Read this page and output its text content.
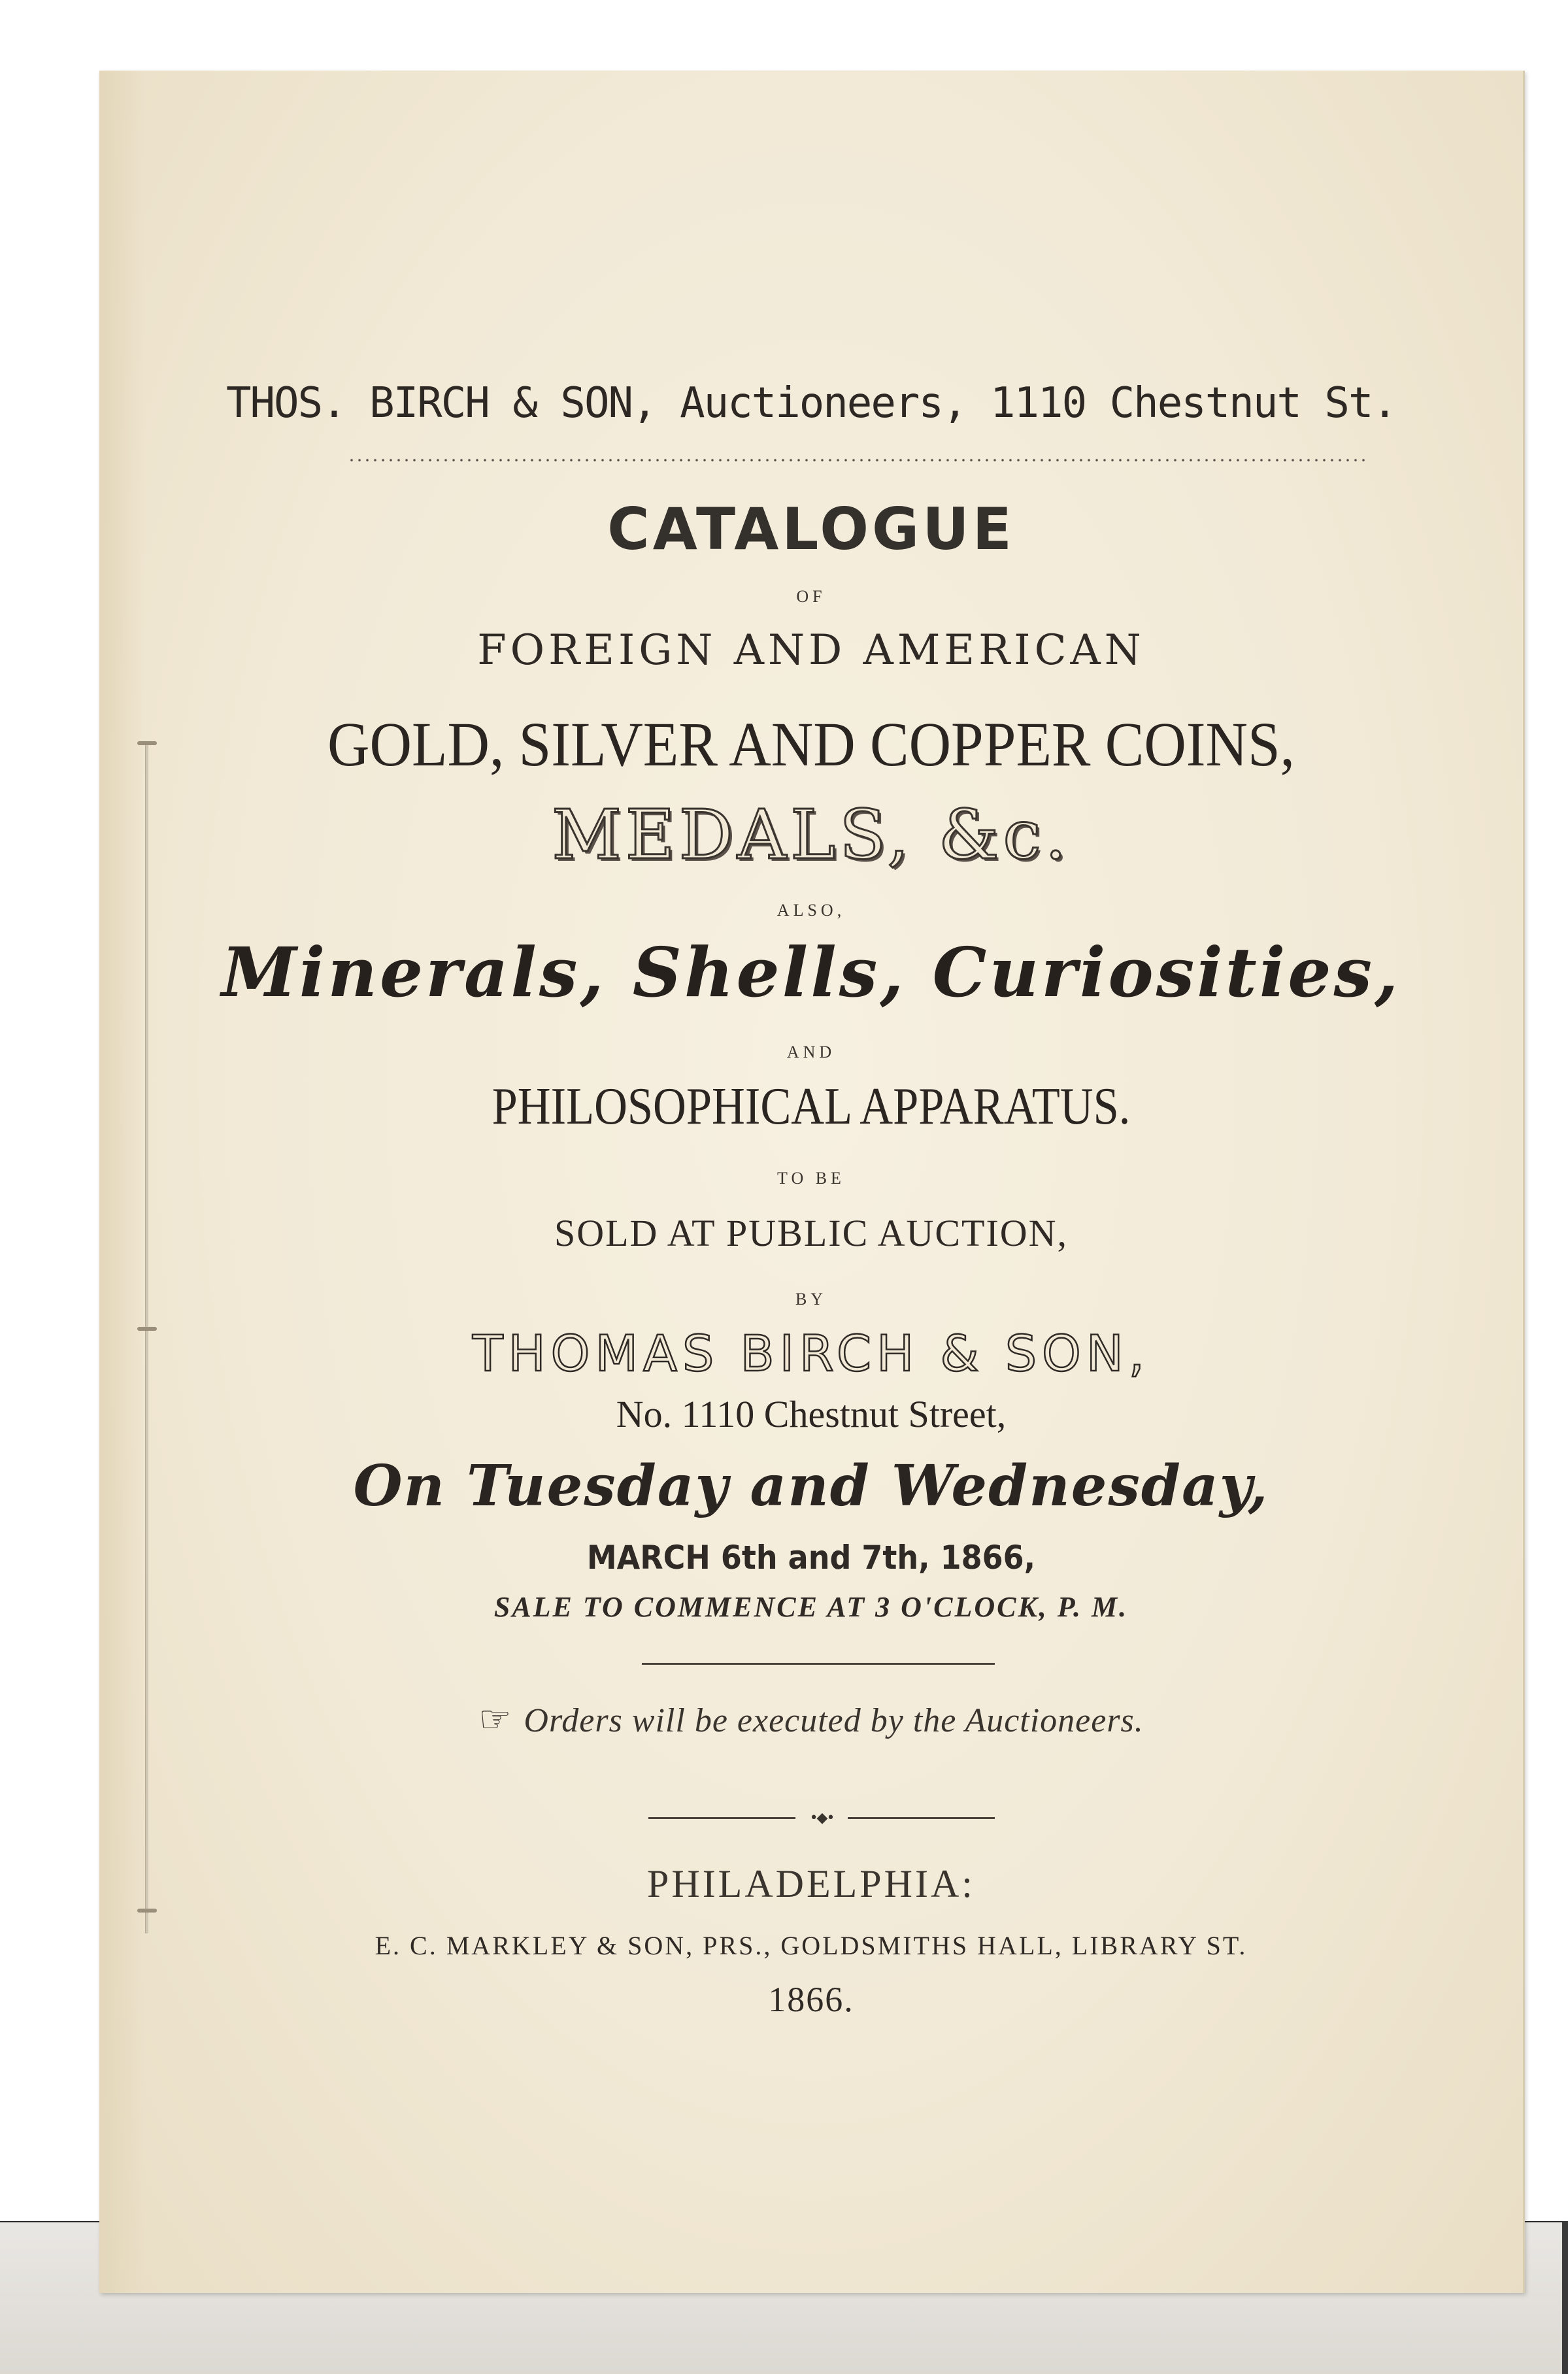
THOS. BIRCH & SON, Auctioneers, 1110 Chestnut St.
CATALOGUE
OF
FOREIGN AND AMERICAN
GOLD, SILVER AND COPPER COINS,
MEDALS, &c.
ALSO,
Minerals, Shells, Curiosities,
AND
PHILOSOPHICAL APPARATUS.
TO BE
SOLD AT PUBLIC AUCTION,
BY
THOMAS BIRCH & SON,
No. 1110 Chestnut Street,
On Tuesday and Wednesday,
MARCH 6th and 7th, 1866,
SALE TO COMMENCE AT 3 O'CLOCK, P. M.
☞ Orders will be executed by the Auctioneers.
•◆•
PHILADELPHIA:
E. C. MARKLEY & SON, PRS., GOLDSMITHS HALL, LIBRARY ST.
1866.
